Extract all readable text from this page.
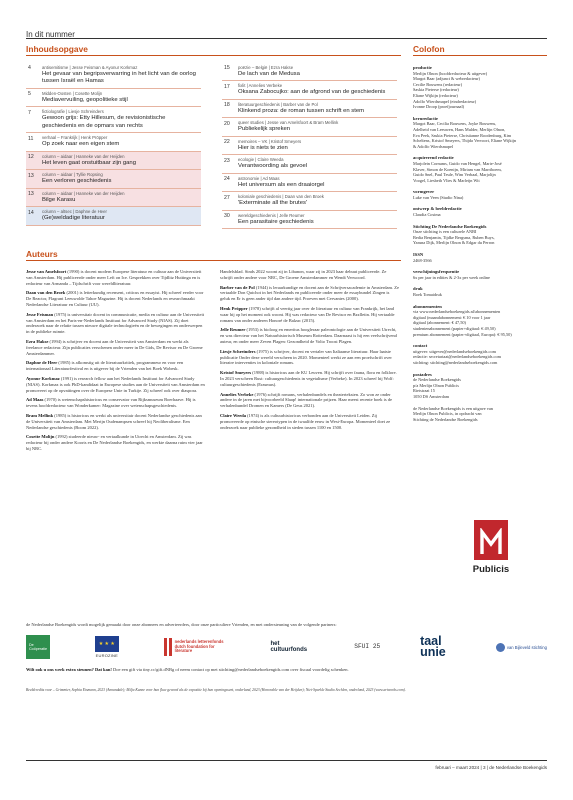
In dit nummer
Inhoudsopgave
4	antisemitisme | Jesse Feisman & Ayonur Korkmaz
Het gevaar van begripsverwarring in het licht van de oorlog tussen Israël en Hamas
5	Midden-Oosten | Cosette Molijn
Mediavervuiling, geopolitieke stijl
7	fictiolografie | Liesje Schreinders
Gewoon grijs: Etty Hillesum, de revisionistische geschiedenis en de opmars van rechts
11	verhaal – Frankrijk | Henk Pröpper
Op zoek naar een eigen stem
12	column – aidaar | Hanneke van der Heijden
Het leven gaat onstuitbaar zijn gang
13	column – aidaar | Tyllie Ropsing
Een verloren geschiedenis
13	column – aidaar | Hanneke van der Heijden
Bilge Karasu
14	column – altsec | Daphne de Heer
(Ge)weldadige literatuur
15	poëzie – België | Ezra Hakse
De lach van de Medusa
17	fixlit | Annelies Verbeke
Oksana Zabocujko: aan de afgrond van de geschiedenis
18	literatuurgeschiedenis | Barber van de Pol
Klinkend proza: de roman tussen schrift en stem
20	queer studies | Jesse van Amelsfoort & Bram Mellink
Publiekelijk spreken
22	memoires – VK | Kristof Smeyers
Hier is niets te zien
23	ecologie | Claire Weeda
Verantwoording als gevoel
24	astronomie | Ad Maas
Het universum als een draaiorgel
27	koloniale geschiedenis | Daan van den Broek
'Exterminate all the brutes'
30	wereldgeschiedenis | Jelle Reumer
Een parasitaire geschiedenis
Colofon
productie
Merlijn Olnon (hoofdredacteur & uitgever)
Margot Baar (adjunct & webredacteur)
Cecilie Bouwens (redacteur)
Saskia Pieterse (redacteur)
Eliane Wijkijn (redacteur)
Adolfo Wierdsmapel (eindredacteur)
Ivonne Droop (proefjournaal)
kernredactie
Margot Baar, Cecilia Bouwens, Joyke Bouwens,
Adelheid van Leeuwen, Hans Mulder, Merlijn Olnon,
Eva Peek, Saskia Pieterse, Christianne Roodenburg, Kim
Scheltens, Kristof Smeyers, Thijda Vervoort, Eliane Wijkijn
& Adolfo Wierdsmapel
acquirerend redactie
Marjolein Cornums, Guido van Hengel, Marie-José
Klaver, Simon de Koenijn, Miriam van Marriboem,
Guido Snel, Paul Teule, Wim Verbaal, Marjolijn
Voogel, Liesbeth Vlies & Marleijn Wit
vormgever
Luke van Veen (Studio Nina)
ontwerp & beeldredactie
Claudia Cosima
Stichting De Nederlandse Boekengids
Onze stichting is een culturele ANBI
Bedia Benjamin, Tijdke Bergsma, Ruben Buys,
Yaruna Dijk, Merlijn Olnon & Edgar du Perron
ISSN
2468-3566
verschijningsfrequentie
6x per jaar in edities & 2-3x per week online
druk
Boek Tomaidruk
abonnementen
via www.nederlandseboekengids.nl/abonnementen
digitaal (maandabonnement: € 10 voor 1 jaar
digitaal (abonnement: € 47,50)
studentenabonnement (papier+digitaal: € 49,50)
premium abonnement (papier+digitaal, Europa): € 95,50)
contact
uitgever: uitgever@nederlandseboekengids.com
redactie: secretariaat@nederlandseboekengids.com
stichting: stichting@nederlandseboekengids.com
postadres
de Nederlandse Boekengids
p/a Merlijn Olnon Publicis
Rietstraat 15
1050 DS Amsterdam
de Nederlandse Boekengids is een uitgave van
Merlijn Olnon Publicis, in opdracht van
Stichting de Nederlandse Boekengids
Auteurs
Jesse van Amelsfoort (1990) is docent modern Europese literatuur en cultuur aan de Universiteit van Amsterdam. Hij publiceerde onder meer Left on Ice. Gesprekken over Tijdlitz Huttinga en is redacteur van Armanda – Tijdschrift voor wereldliteratuur.
Daan van den Broek (2001) is letterkundig recensent, criticus en essayist. Hij schreef eerder voor De Reactor, Flagrant Leeuwolde Tahoe Magazine. Hij is docent Nederlands en researchmaakt Nederlandse Literatuur en Cultuur (UU).
Jesse Feisman (1975) is universitair docent in communicatie, media en cultuur aan de Universiteit van Amsterdam en het Paris-en-Nederlands Instituut for Advanced Study (NIAS). Zij doet onderzoek naar de relatie tussen nieuwe digitale technologieën en de bewegingen en onderwerpen in de publieke ruimte.
Ezra Hakse (1994) is schrijver en docent aan de Universiteit van Amsterdam en werkt als freelance redacteur. Zijn publicaties verschenen onder meer in De Gids, De Revisor en De Groene Amsterdammer.
Daphne de Heer (1985) is afkomstig uit de literatuurkritiek, programmeur en voor een internationaal Literatuurfestival en is uitgever bij de Vrienden van het Boek Wobesk.
Ayonur Korkmaz (1991) is research fellow aan het Nederlands Instituut for Advanced Study (NIAS). Korkmaz is ook PhD-kandidaat in Europese studies aan de Universiteit van Amsterdam en promoveert op de opvattingen over de Europese Unie in Turkije. Zij schreef ook over diaspora.
Ad Maas (1970) is wetenschapshistoricus en conservator van Rijksmuseum Boerhaave. Hij is tevens hoofdredacteur van Wonderkamer: Magazine over wetenschapsgeschiedenis.
Bram Mellink (1985) is historicus en werkt als universitair docent Nederlandse geschiedenis aan de Universiteit van Amsterdam. Met Merijn Oudenampsen schreef hij Neoliberalisme. Een Nederlandse geschiedenis (Boom 2022).
Cosette Molijn (1992) studeerde nieuw- en vertaalkunde in Utrecht en Amsterdam. Zij was redacteur bij onder andere Koorts en De Nederlandse Boekengids, en werkte daarna ruim vier jaar bij NRC.
Handelsblad. Sinds 2022 woont zij in Libanon, waar zij in 2023 haar debuut publiceerde. Ze schrijft onder andere voor NRC, De Groene Amsterdammer en Wendt Verwoord.
Barber van de Pol (1944) is leraarkundige en docent aan de Schrijversacademie in Amsterdam. Ze vertaalde Don Quichot in het Nederlands en publiceerde onder meer de essaybundel Zingen is geluk en Er is geen ander tijd dan andere tijd. Proeven met Cervantes (2000).
Henk Pröpper (1978) schrijft al veertig jaar over de literatuur en cultuur van Frankrijk, het land waar hij op het moment ook woont. Hij was redacteur van De Revisor en Bzzlletin. Hij vertaalde romans van onder anderen Honoré de Balzac (2015).
Jelle Reumer (1953) is bioloog en emeritus hoogleraar paleontologie aan de Universiteit Utrecht, en was directeur van het Natuurhistorisch Museum Rotterdam. Daarnaast is hij een veelschrijvend auteur, en onder meer Zeven Plagen: Gezondheid de Volto Troost Plagen.
Liesje Schreinders (1975) is schrijver, docent en vertaler van Italiaanse literatuur. Haar laatste publicatie Onder deze wereld verscheen in 2020. Momenteel werkt ze aan een proefschrift over literaire interventies in koloniale romans.
Kristof Smeyers (1988) is historicus aan de KU Leuven. Hij schrijft over fauna, flora en folklore. In 2023 verscheen Rust: cultuurgeschiedenis in vegetalisme (Verbeke). In 2023 schreef hij Wolf: cultuurgeschiedenis (Erasmus).
Annelies Verbeke (1976) schrijft romans, verhalenbundels en theaterteksten. Zo won ze onder andere in de jaren met bijvoorbeeld Slaap! internationale prijzen. Haar meest recente boek is de verhalenbundel Dromen en Kamers (De Geus 2021).
Claire Weeda (1974) is als cultuurhistoricus verbonden aan de Universiteit Leiden. Zij promoveerde op etnische stereotypen in de twaalfde eeuw in West-Europa. Momenteel doet ze onderzoek naar publieke gezondheid in steden tussen 1100 en 1500.
Publicis
de Nederlandse Boekengids wordt mogelijk gemaakt door onze abonnees en adverteerders, door onze particuliere Vrienden, en met ondersteuning van de volgende partners:
De Coöperatie
★ ★ ★
EUROZINE
nederlands letterenfonds dutch foundation for literature
het cultuurfonds	SFUI 25	taal unie	van Bijleveld stichting
Wilt ook u ons werk extra steunen? Dat kan! Doe een gift via tiny.cc/gift.dNBg of neem contact op met stichting@nederlandseboekengids.com over fiscaal voordelig schenken.
Beeldcredits voor – Grimmier, Sophia Eismann, 2023 (Annandale); Milja Kunne voor hun fluw geword als de expositie bij hun openingssent, onderland, 2023 (Honorable van der Heijden); Niet-Sparkle Studio Sechlen, onderland, 2023 (www.artworks.com).
februari – maart 2024 | 3 | de Nederlandse Boekengids
